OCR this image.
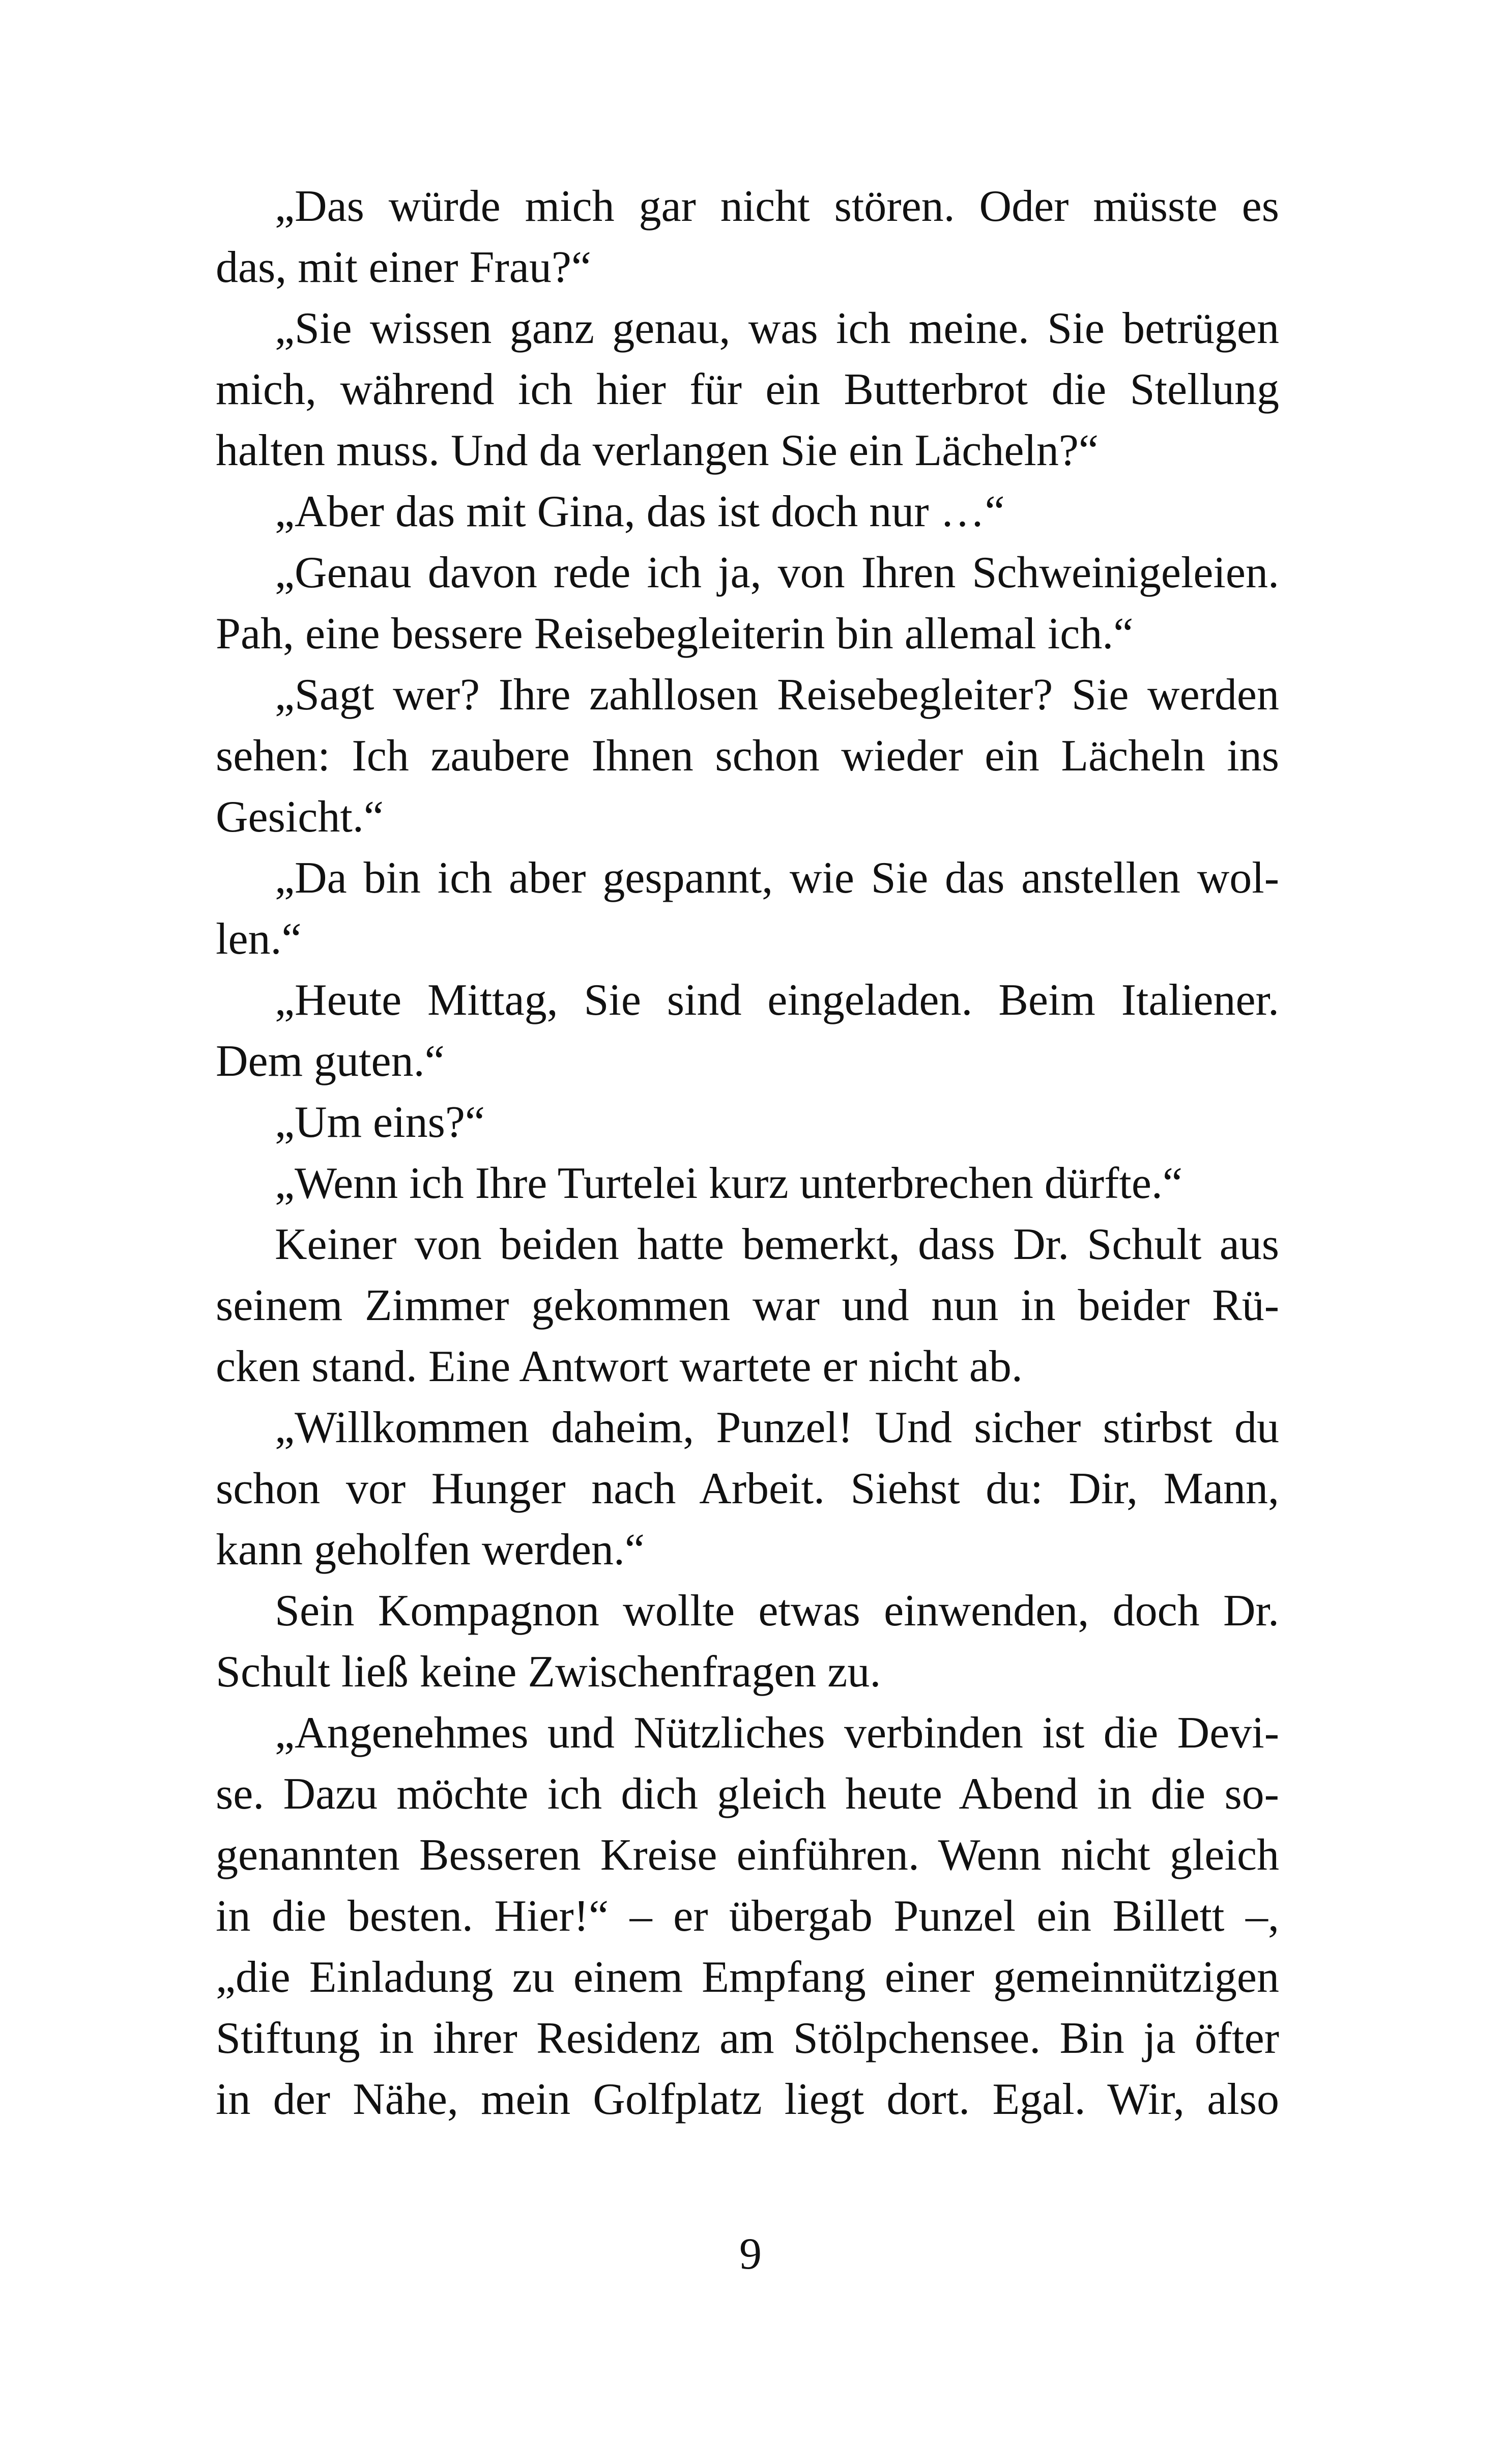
„Das würde mich gar nicht stören. Oder müsste es
das, mit einer Frau?“
„Sie wissen ganz genau, was ich meine. Sie betrügen
mich, während ich hier für ein Butterbrot die Stellung
halten muss. Und da verlangen Sie ein Lächeln?“
„Aber das mit Gina, das ist doch nur …“
„Genau davon rede ich ja, von Ihren Schweinigeleien.
Pah, eine bessere Reisebegleiterin bin allemal ich.“
„Sagt wer? Ihre zahllosen Reisebegleiter? Sie werden
sehen: Ich zaubere Ihnen schon wieder ein Lächeln ins
Gesicht.“
„Da bin ich aber gespannt, wie Sie das anstellen wol-
len.“
„Heute Mittag, Sie sind eingeladen. Beim Italiener.
Dem guten.“
„Um eins?“
„Wenn ich Ihre Turtelei kurz unterbrechen dürfte.“
Keiner von beiden hatte bemerkt, dass Dr. Schult aus
seinem Zimmer gekommen war und nun in beider Rü-
cken stand. Eine Antwort wartete er nicht ab.
„Willkommen daheim, Punzel! Und sicher stirbst du
schon vor Hunger nach Arbeit. Siehst du: Dir, Mann,
kann geholfen werden.“
Sein Kompagnon wollte etwas einwenden, doch Dr.
Schult ließ keine Zwischenfragen zu.
„Angenehmes und Nützliches verbinden ist die Devi-
se. Dazu möchte ich dich gleich heute Abend in die so-
genannten Besseren Kreise einführen. Wenn nicht gleich
in die besten. Hier!“ – er übergab Punzel ein Billett –,
„die Einladung zu einem Empfang einer gemeinnützigen
Stiftung in ihrer Residenz am Stölpchensee. Bin ja öfter
in der Nähe, mein Golfplatz liegt dort. Egal. Wir, also
9
